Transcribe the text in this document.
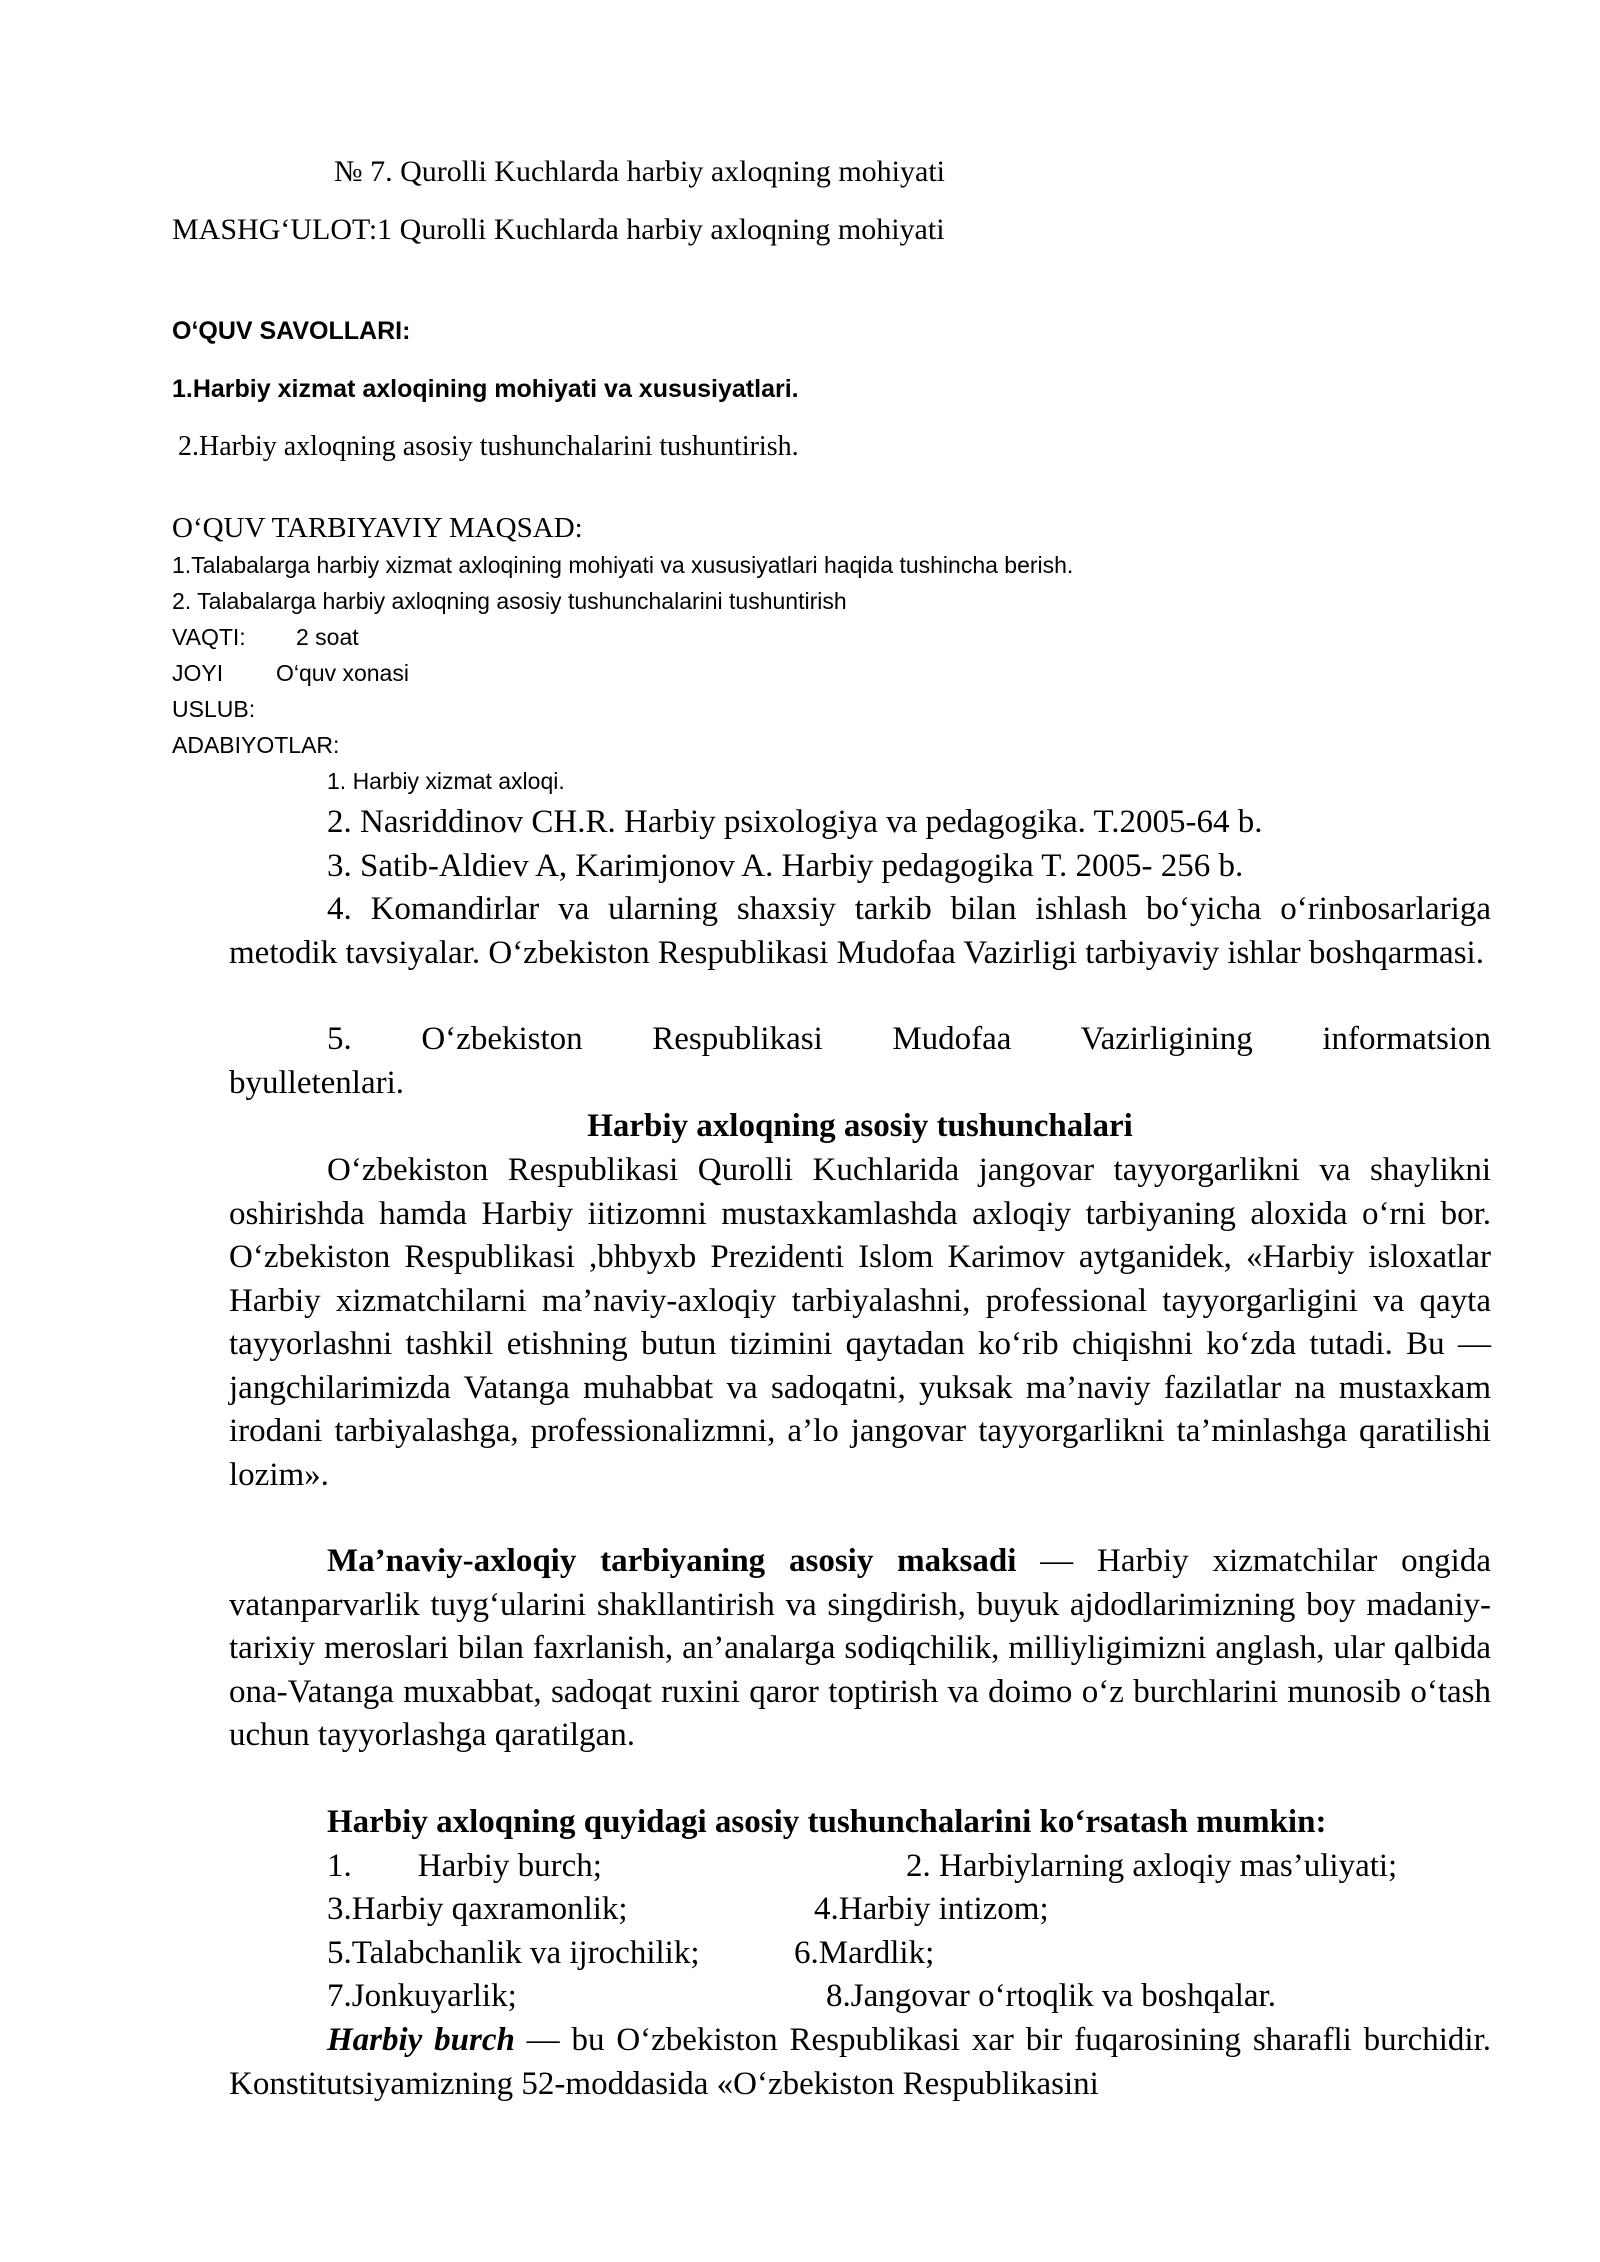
№ 7. Qurolli Kuchlarda harbiy axloqning mohiyati
MASHG‘ULOT:1 Qurolli Kuchlarda harbiy axloqning mohiyati
O‘QUV SAVOLLARI:
1.Harbiy xizmat axloqining mohiyati va xususiyatlari.
2.Harbiy axloqning asosiy tushunchalarini tushuntirish.
O‘QUV TARBIYAVIY MAQSAD:
1.Talabalarga harbiy xizmat axloqining mohiyati va xususiyatlari haqida tushincha berish.
2. Talabalarga harbiy axloqning asosiy tushunchalarini tushuntirish
VAQTI: 2 soat
JOYI O‘quv xonasi
USLUB:
ADABIYOTLAR:
1. Harbiy xizmat axloqi.
2. Nasriddinov CH.R. Harbiy psixologiya va pedagogika. T.2005-64 b.
3. Satib-Aldiev A, Karimjonov A. Harbiy pedagogika T. 2005- 256 b.
4. Komandirlar va ularning shaxsiy tarkib bilan ishlash bo‘yicha o‘rinbosarlariga metodik tavsiyalar. O‘zbekiston Respublikasi Mudofaa Vazirligi tarbiyaviy ishlar boshqarmasi.
5. O‘zbekiston Respublikasi Mudofaa Vazirligining informatsion byulletenlari.
Harbiy axloqning asosiy tushunchalari
O‘zbekiston Respublikasi Qurolli Kuchlarida jangovar tayyorgarlikni va shaylikni oshirishda hamda Harbiy iitizomni mustaxkamlashda axloqiy tarbiyaning aloxida o‘rni bor. O‘zbekiston Respublikasi ,bhbyxb Prezidenti Islom Karimov aytganidek, «Harbiy isloxatlar Harbiy xizmatchilarni ma’naviy-axloqiy tarbiyalashni, professional tayyorgarligini va qayta tayyorlashni tashkil etishning butun tizimini qaytadan ko‘rib chiqishni ko‘zda tutadi. Bu — jangchilarimizda Vatanga muhabbat va sadoqatni, yuksak ma’naviy fazilatlar na mustaxkam irodani tarbiyalashga, professionalizmni, a’lo jangovar tayyorgarlikni ta’minlashga qaratilishi lozim».
Ma’naviy-axloqiy tarbiyaning asosiy maksadi — Harbiy xizmatchilar ongida vatanparvarlik tuyg‘ularini shakllantirish va singdirish, buyuk ajdodlarimizning boy madaniy-tarixiy meroslari bilan faxrlanish, an’analarga sodiqchilik, milliyligimizni anglash, ular qalbida ona-Vatanga muxabbat, sadoqat ruxini qaror toptirish va doimo o‘z burchlarini munosib o‘tash uchun tayyorlashga qaratilgan.
Harbiy axloqning quyidagi asosiy tushunchalarini ko‘rsatash mumkin:
1.        Harbiy burch;	2. Harbiylarning axloqiy mas’uliyati;
3.Harbiy qaxramonlik;	4.Harbiy intizom;
5.Talabchanlik va ijrochilik;	6.Mardlik;
7.Jonkuyarlik;	8.Jangovar o‘rtoqlik va boshqalar.
Harbiy burch — bu O‘zbekiston Respublikasi xar bir fuqarosining sharafli burchidir. Konstitutsiyamizning 52-moddasida «O‘zbekiston Respublikasini
